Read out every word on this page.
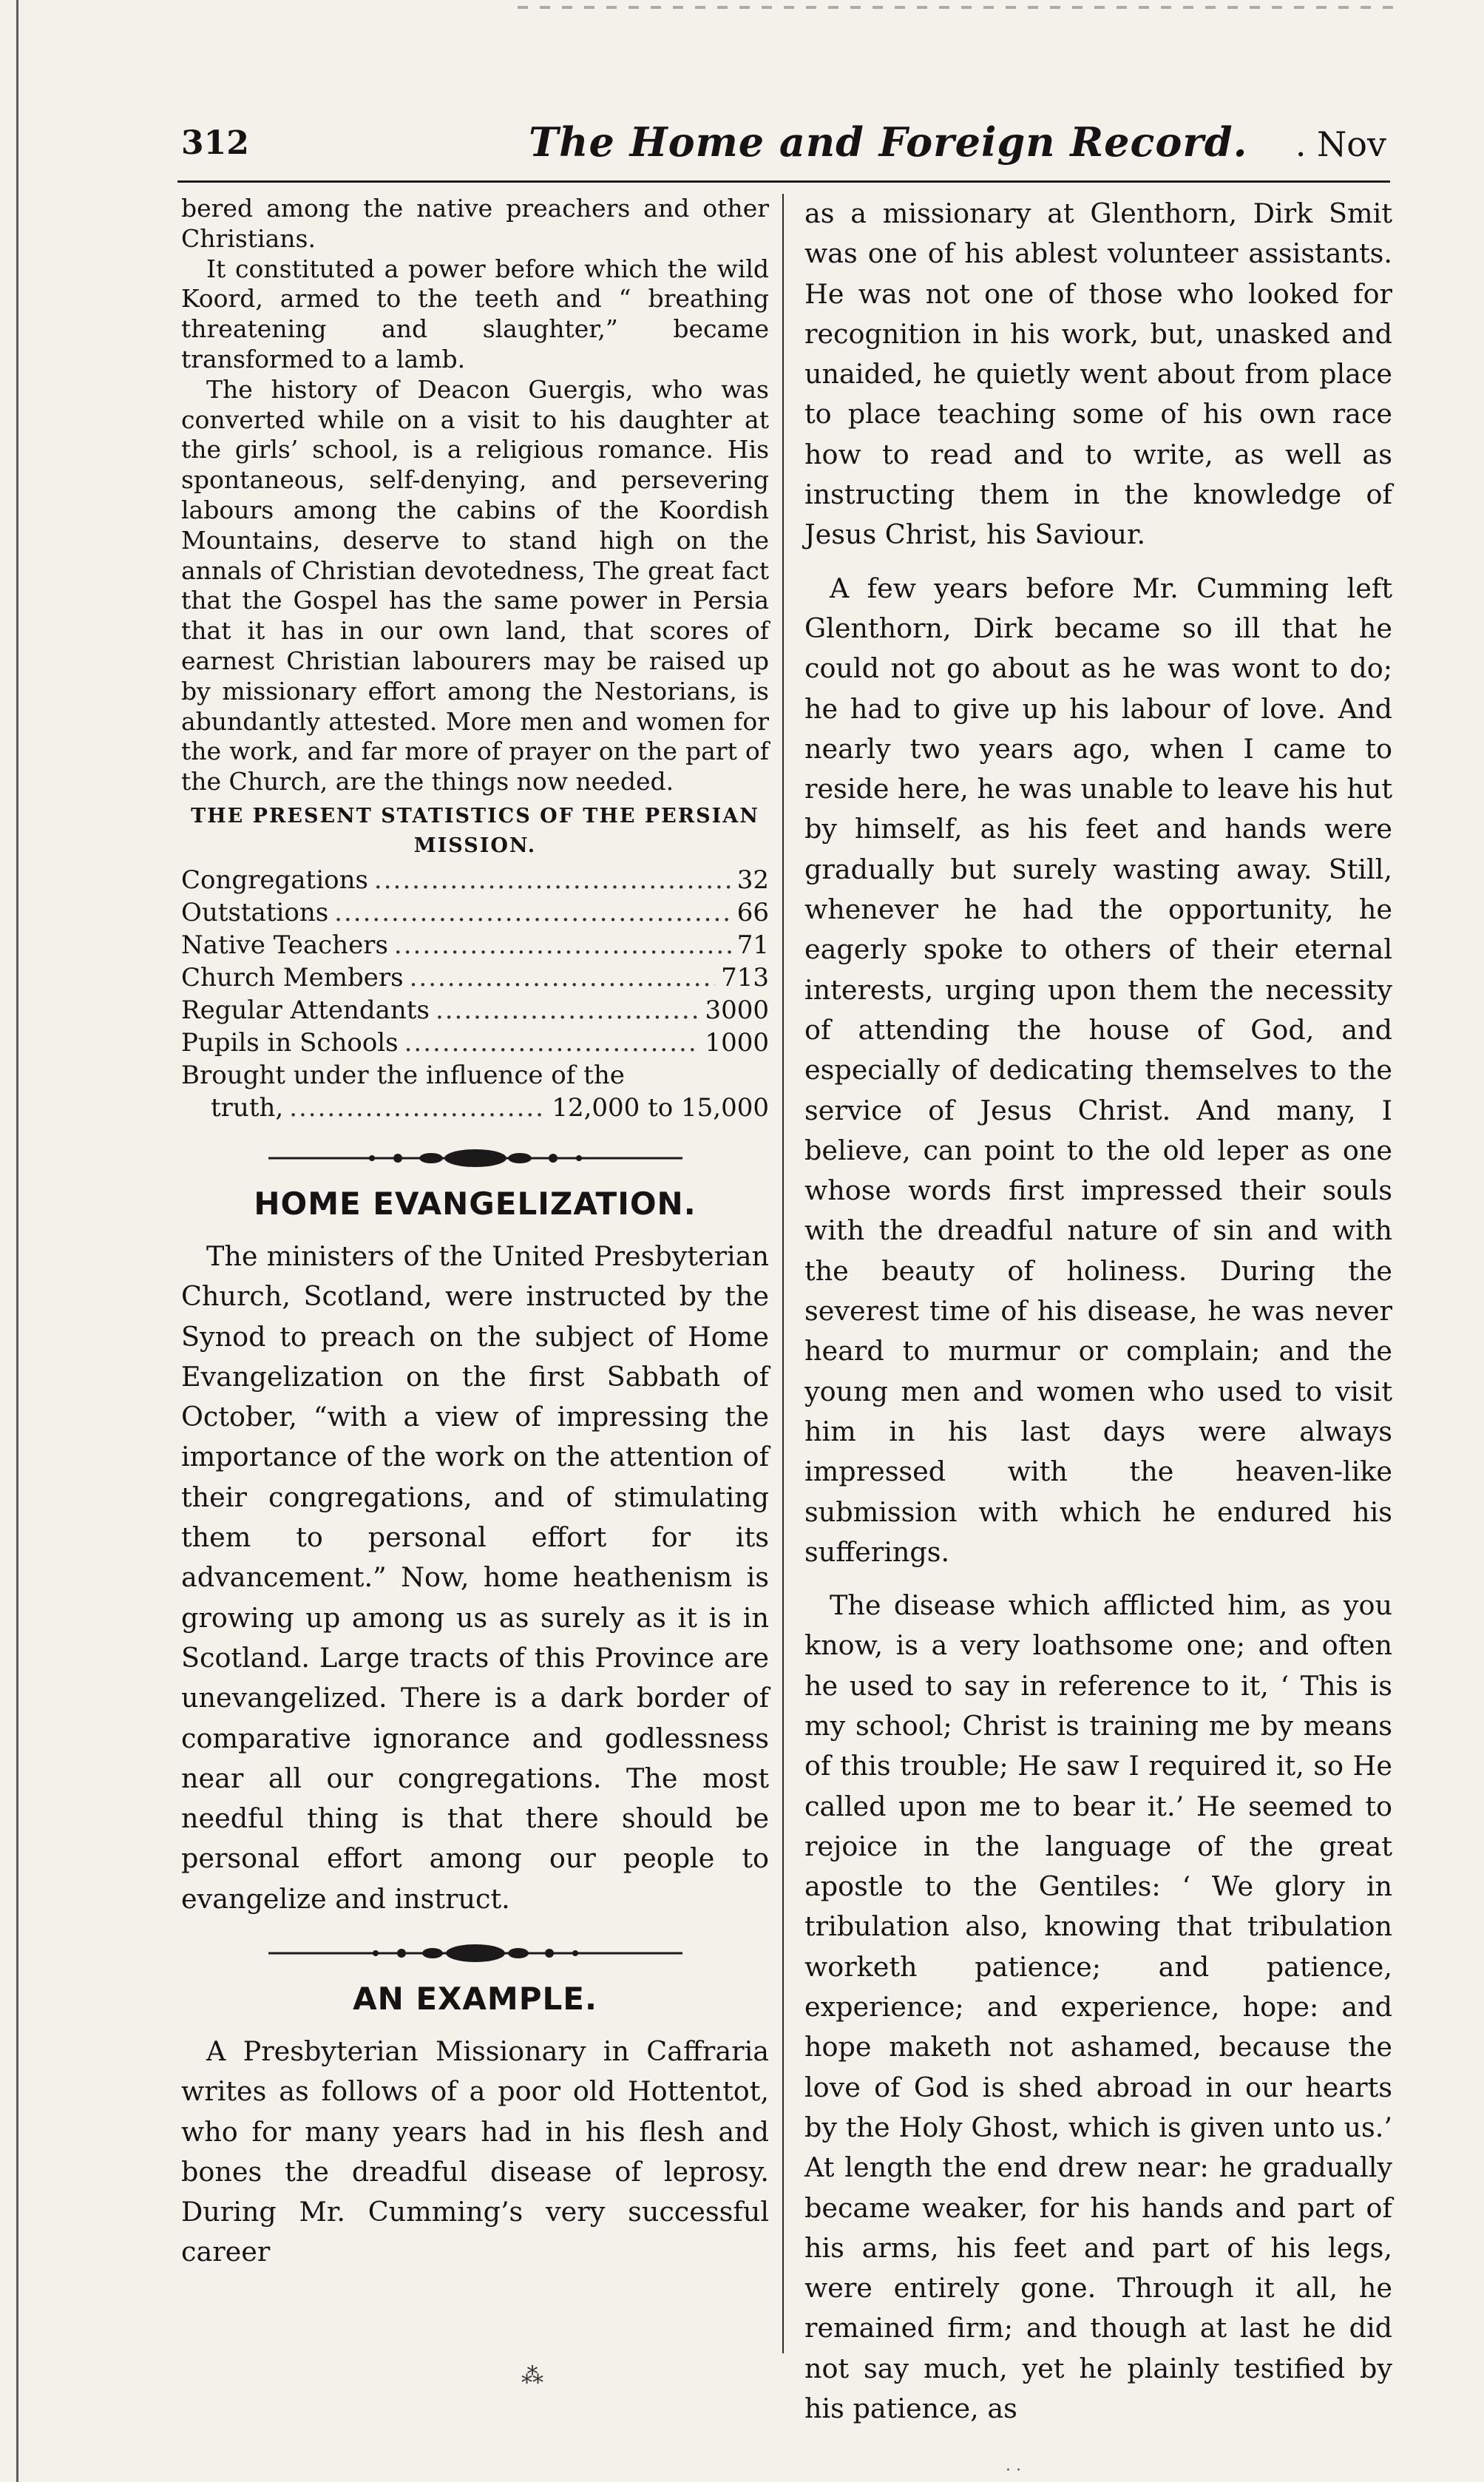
312	The Home and Foreign Record. . Nov

bered among the native preachers and other Christians.

It constituted a power before which the wild Koord, armed to the teeth and “ breathing threatening and slaughter,” became transformed to a lamb.

The history of Deacon Guergis, who was converted while on a visit to his daughter at the girls’ school, is a religious romance. His spontaneous, self-denying, and persevering labours among the cabins of the Koordish Mountains, deserve to stand high on the annals of Christian devotedness, The great fact that the Gospel has the same power in Persia that it has in our own land, that scores of earnest Christian labourers may be raised up by missionary effort among the Nestorians, is abundantly attested. More men and women for the work, and far more of prayer on the part of the Church, are the things now needed.

THE PRESENT STATISTICS OF THE PERSIAN MISSION.
Congregations .....	32
Outstations .....	66
Native Teachers .....	71
Church Members .....	713
Regular Attendants .....	3000
Pupils in Schools .....	1000
Brought under the influence of the
truth, .....	12,000 to 15,000
HOME EVANGELIZATION.

The ministers of the United Presbyterian Church, Scotland, were instructed by the Synod to preach on the subject of Home Evangelization on the first Sabbath of October, “with a view of impressing the importance of the work on the attention of their congregations, and of stimulating them to personal effort for its advancement.” Now, home heathenism is growing up among us as surely as it is in Scotland. Large tracts of this Province are unevangelized. There is a dark border of comparative ignorance and godlessness near all our congregations. The most needful thing is that there should be personal effort among our people to evangelize and instruct.

AN EXAMPLE.

A Presbyterian Missionary in Caffraria writes as follows of a poor old Hottentot, who for many years had in his flesh and bones the dreadful disease of leprosy. During Mr. Cumming’s very successful career

as a missionary at Glenthorn, Dirk Smit was one of his ablest volunteer assistants. He was not one of those who looked for recognition in his work, but, unasked and unaided, he quietly went about from place to place teaching some of his own race how to read and to write, as well as instructing them in the knowledge of Jesus Christ, his Saviour.

A few years before Mr. Cumming left Glenthorn, Dirk became so ill that he could not go about as he was wont to do; he had to give up his labour of love. And nearly two years ago, when I came to reside here, he was unable to leave his hut by himself, as his feet and hands were gradually but surely wasting away. Still, whenever he had the opportunity, he eagerly spoke to others of their eternal interests, urging upon them the necessity of attending the house of God, and especially of dedicating themselves to the service of Jesus Christ. And many, I believe, can point to the old leper as one whose words first impressed their souls with the dreadful nature of sin and with the beauty of holiness. During the severest time of his disease, he was never heard to murmur or complain; and the young men and women who used to visit him in his last days were always impressed with the heaven-like submission with which he endured his sufferings.

The disease which afflicted him, as you know, is a very loathsome one; and often he used to say in reference to it, ‘ This is my school; Christ is training me by means of this trouble; He saw I required it, so He called upon me to bear it.’ He seemed to rejoice in the language of the great apostle to the Gentiles: ‘ We glory in tribulation also, knowing that tribulation worketh patience; and patience, experience; and experience, hope: and hope maketh not ashamed, because the love of God is shed abroad in our hearts by the Holy Ghost, which is given unto us.’ At length the end drew near: he gradually became weaker, for his hands and part of his arms, his feet and part of his legs, were entirely gone. Through it all, he remained firm; and though at last he did not say much, yet he plainly testified by his patience, as

⁂
· ·
